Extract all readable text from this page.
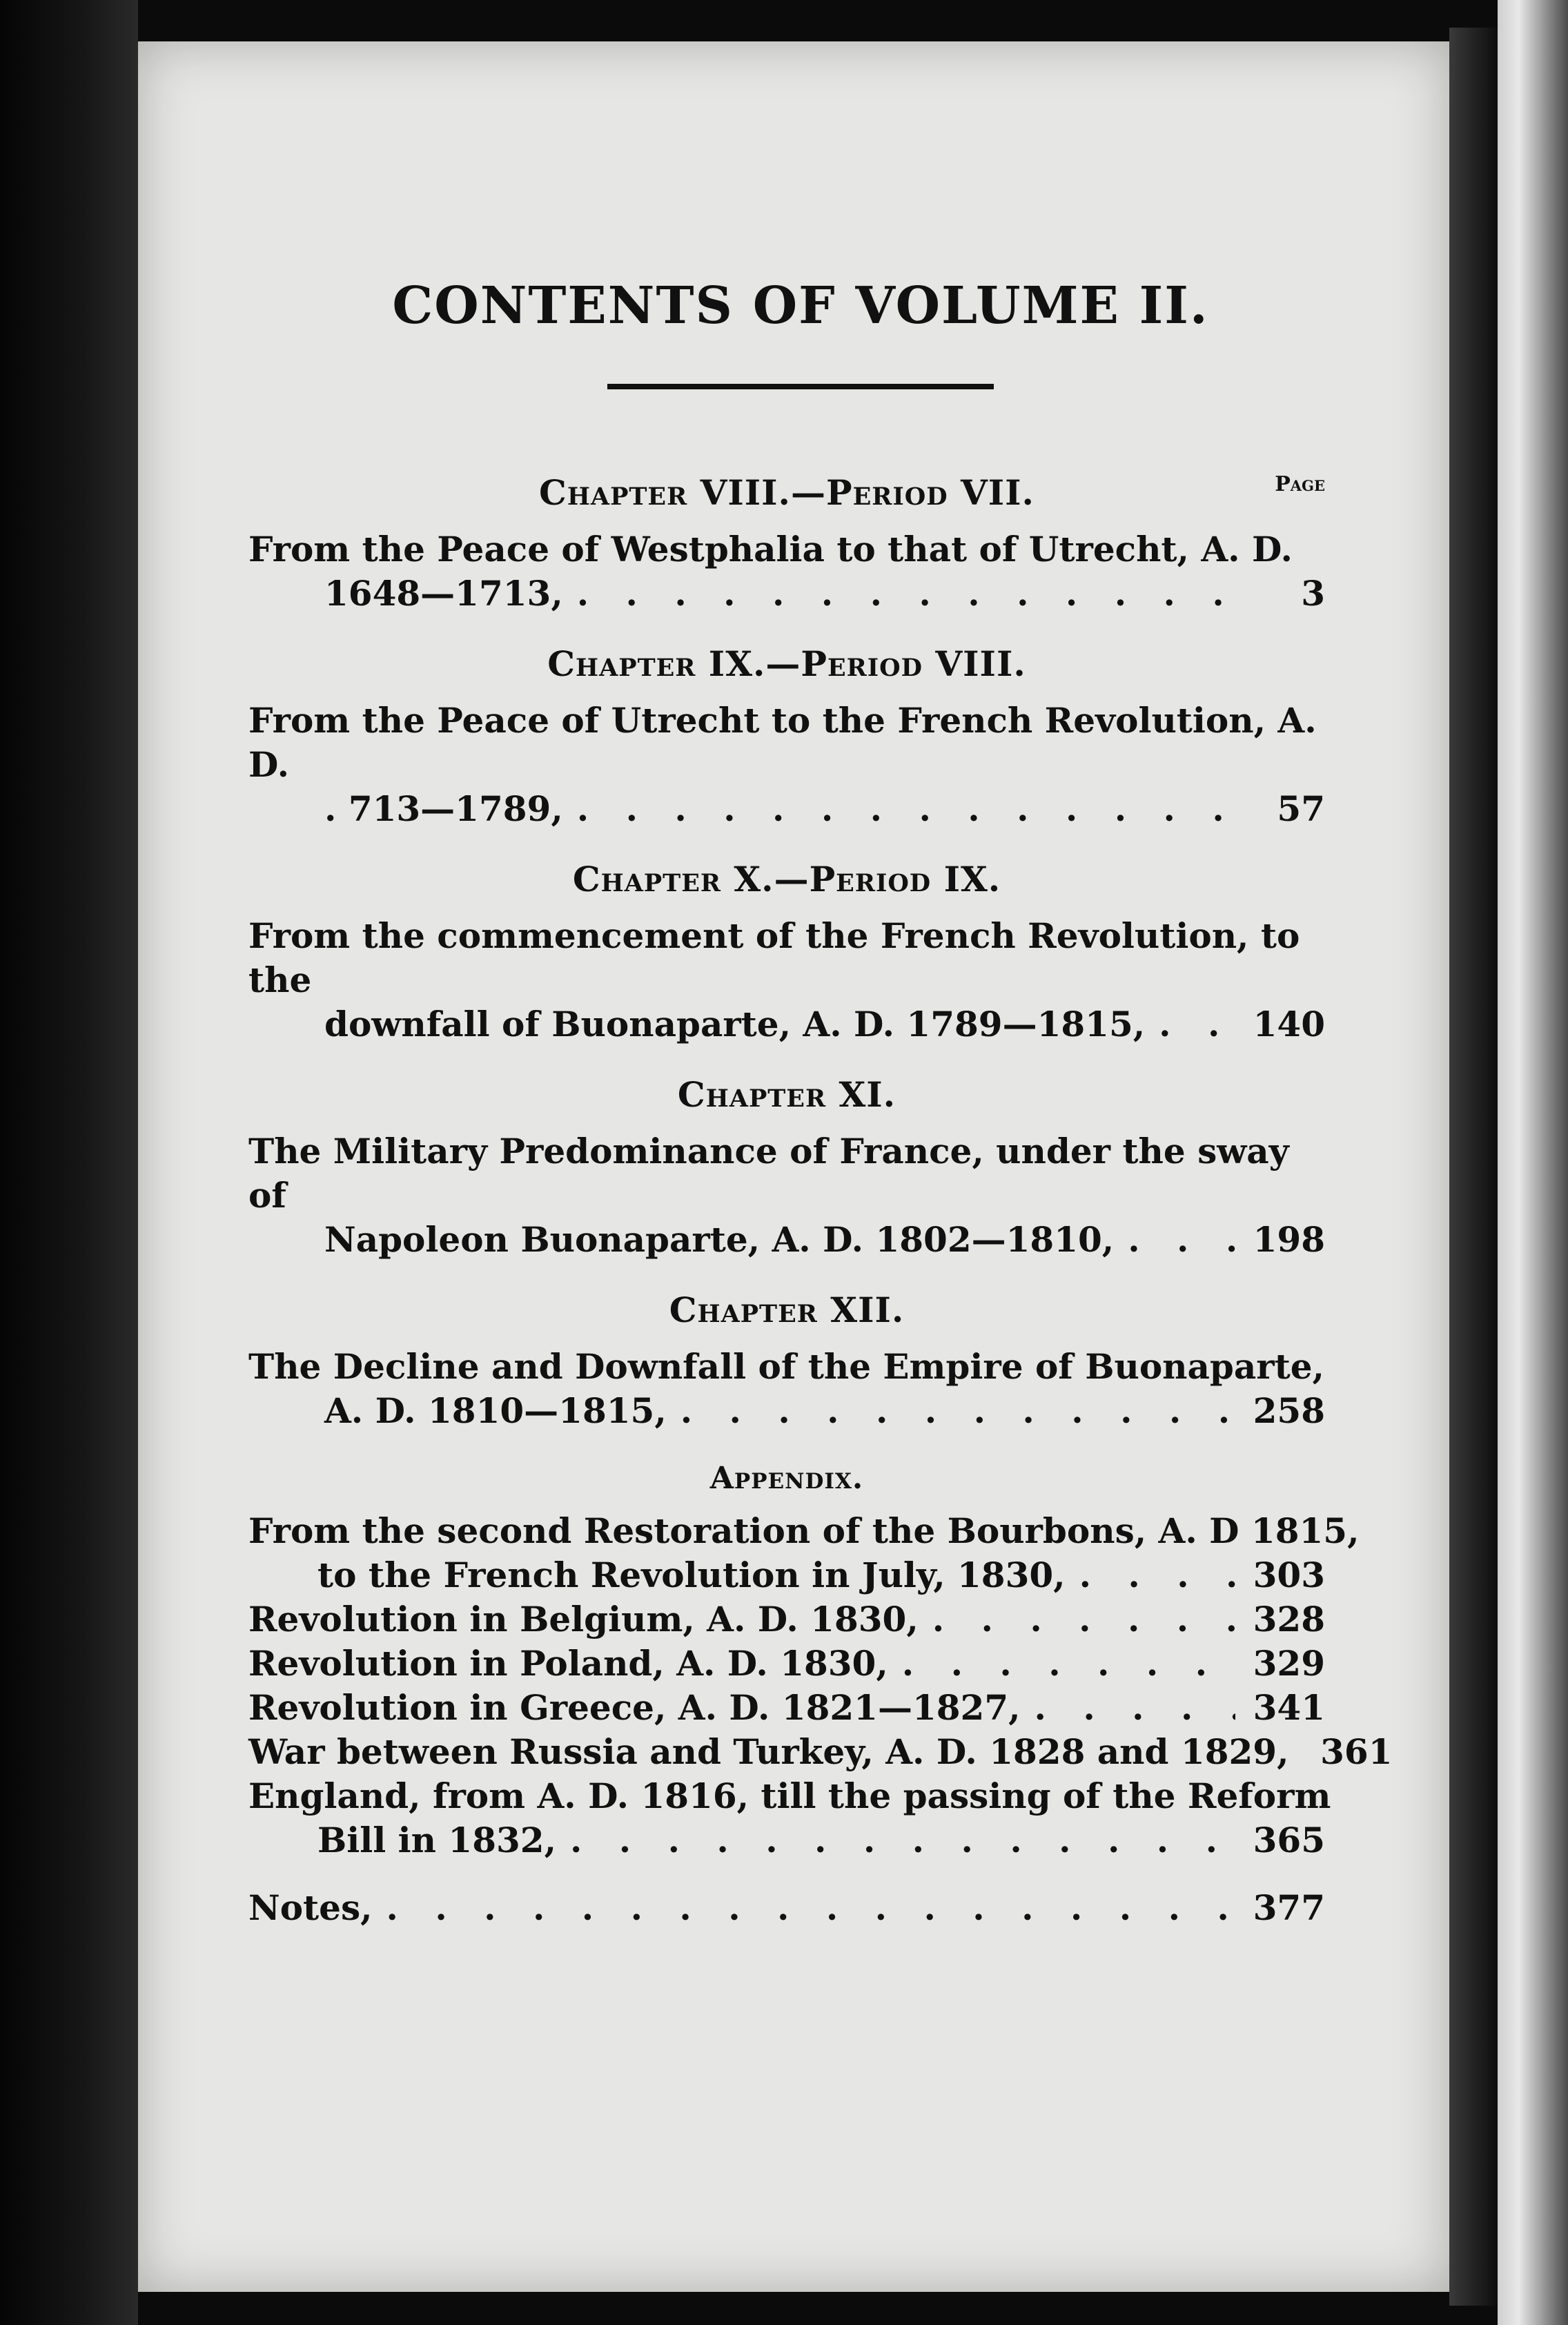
CONTENTS OF VOLUME II.
Chapter VIII.—Period VII.	Page
From the Peace of Westphalia to that of Utrecht, A. D.
1648—1713, . . .	3
Chapter IX.—Period VIII.
From the Peace of Utrecht to the French Revolution, A. D.
. 713—1789, . . .	57
Chapter X.—Period IX.
From the commencement of the French Revolution, to the
downfall of Buonaparte, A. D. 1789—1815, . . .	140
Chapter XI.
The Military Predominance of France, under the sway of
Napoleon Buonaparte, A. D. 1802—1810, . . .	198
Chapter XII.
The Decline and Downfall of the Empire of Buonaparte,
A. D. 1810—1815, . . .	258
Appendix.
From the second Restoration of the Bourbons, A. D 1815,
to the French Revolution in July, 1830, . . .	303
Revolution in Belgium, A. D. 1830, . . .	328
Revolution in Poland, A. D. 1830, . . .	329
Revolution in Greece, A. D. 1821—1827, . . .	341
War between Russia and Turkey, A. D. 1828 and 1829, 361
England, from A. D. 1816, till the passing of the Reform
Bill in 1832, . . .	365
Notes, . . .	377
